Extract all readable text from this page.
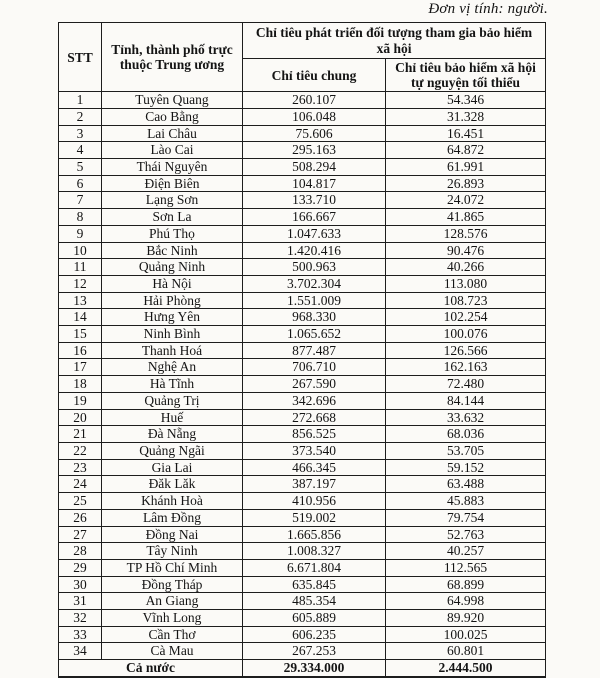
Đơn vị tính: người.
STT	Tỉnh, thành phố trực thuộc Trung ương	Chỉ tiêu phát triển đối tượng tham gia bảo hiểm xã hội	
		Chỉ tiêu chung	Chỉ tiêu bảo hiểm xã hội tự nguyện tối thiểu
1	Tuyên Quang	260.107	54.346
2	Cao Bằng	106.048	31.328
3	Lai Châu	75.606	16.451
4	Lào Cai	295.163	64.872
5	Thái Nguyên	508.294	61.991
6	Điện Biên	104.817	26.893
7	Lạng Sơn	133.710	24.072
8	Sơn La	166.667	41.865
9	Phú Thọ	1.047.633	128.576
10	Bắc Ninh	1.420.416	90.476
11	Quảng Ninh	500.963	40.266
12	Hà Nội	3.702.304	113.080
13	Hải Phòng	1.551.009	108.723
14	Hưng Yên	968.330	102.254
15	Ninh Bình	1.065.652	100.076
16	Thanh Hoá	877.487	126.566
17	Nghệ An	706.710	162.163
18	Hà Tĩnh	267.590	72.480
19	Quảng Trị	342.696	84.144
20	Huế	272.668	33.632
21	Đà Nẵng	856.525	68.036
22	Quảng Ngãi	373.540	53.705
23	Gia Lai	466.345	59.152
24	Đăk Lăk	387.197	63.488
25	Khánh Hoà	410.956	45.883
26	Lâm Đồng	519.002	79.754
27	Đồng Nai	1.665.856	52.763
28	Tây Ninh	1.008.327	40.257
29	TP Hồ Chí Minh	6.671.804	112.565
30	Đồng Tháp	635.845	68.899
31	An Giang	485.354	64.998
32	Vĩnh Long	605.889	89.920
33	Cần Thơ	606.235	100.025
34	Cà Mau	267.253	60.801
Cả nước		29.334.000	2.444.500
